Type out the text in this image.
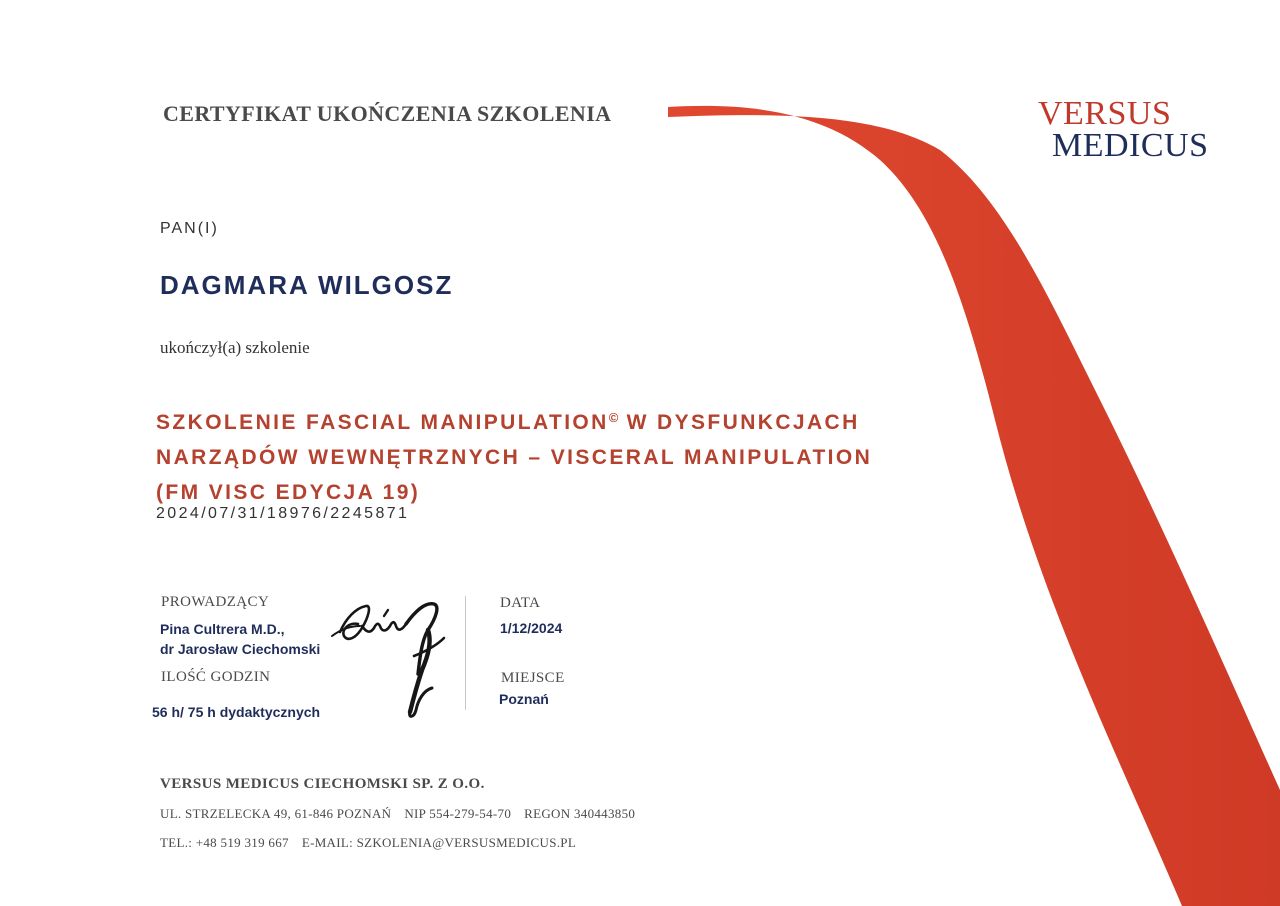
CERTYFIKAT UKOŃCZENIA SZKOLENIA	VERSUS
MEDICUS
PAN(I)
DAGMARA WILGOSZ
ukończył(a) szkolenie
SZKOLENIE FASCIAL MANIPULATION© W DYSFUNKCJACH
NARZĄDÓW WEWNĘTRZNYCH – VISCERAL MANIPULATION
(FM VISC EDYCJA 19)
2024/07/31/18976/2245871
PROWADZĄCY
Pina Cultrera M.D.,
dr Jarosław Ciechomski
ILOŚĆ GODZIN
56 h/ 75 h dydaktycznych
DATA
1/12/2024
MIEJSCE
Poznań
VERSUS MEDICUS CIECHOMSKI SP. Z O.O.
UL. STRZELECKA 49, 61-846 POZNAŃ NIP 554-279-54-70 REGON 340443850
TEL.: +48 519 319 667 E-MAIL: SZKOLENIA@VERSUSMEDICUS.PL
